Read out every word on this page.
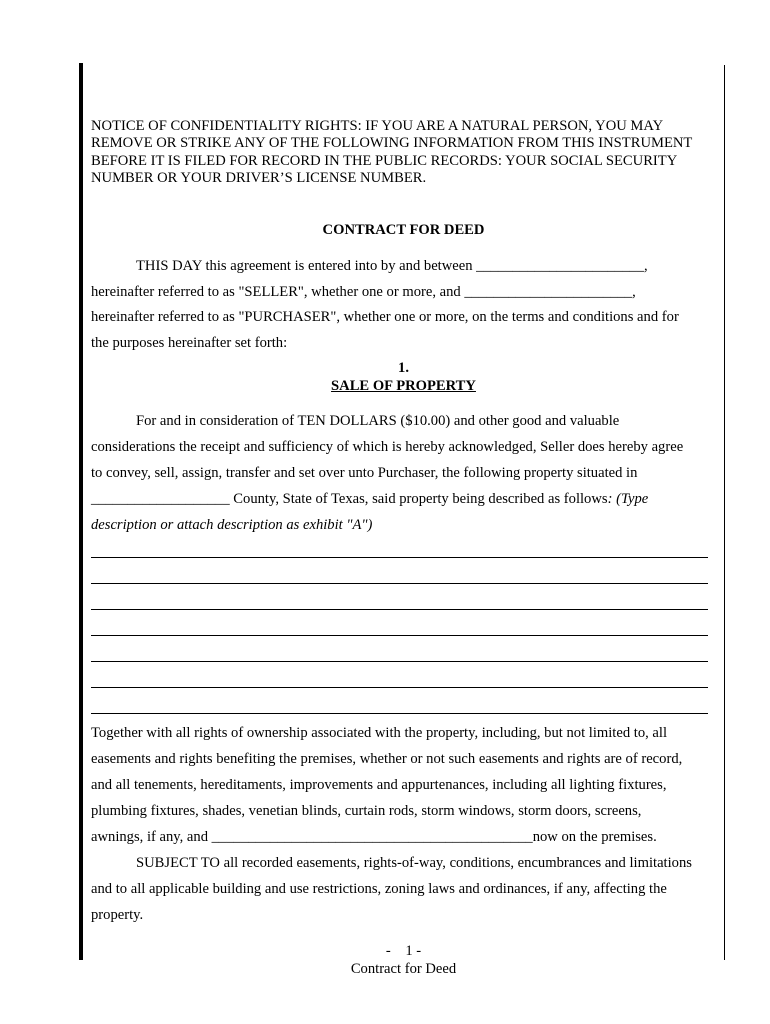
NOTICE OF CONFIDENTIALITY RIGHTS: IF YOU ARE A NATURAL PERSON, YOU MAY REMOVE OR STRIKE ANY OF THE FOLLOWING INFORMATION FROM THIS INSTRUMENT BEFORE IT IS FILED FOR RECORD IN THE PUBLIC RECORDS: YOUR SOCIAL SECURITY NUMBER OR YOUR DRIVER’S LICENSE NUMBER.
CONTRACT FOR DEED
THIS DAY this agreement is entered into by and between _______________________,
hereinafter referred to as "SELLER", whether one or more, and _______________________,
hereinafter referred to as "PURCHASER", whether one or more, on the terms and conditions and for
the purposes hereinafter set forth:
1.
SALE OF PROPERTY
For and in consideration of TEN DOLLARS ($10.00) and other good and valuable
considerations the receipt and sufficiency of which is hereby acknowledged, Seller does hereby agree
to convey, sell, assign, transfer and set over unto Purchaser, the following property situated in
___________________ County, State of Texas, said property being described as follows: (Type
description or attach description as exhibit "A")
Together with all rights of ownership associated with the property, including, but not limited to, all
easements and rights benefiting the premises, whether or not such easements and rights are of record,
and all tenements, hereditaments, improvements and appurtenances, including all lighting fixtures,
plumbing fixtures, shades, venetian blinds, curtain rods, storm windows, storm doors, screens,
awnings, if any, and ____________________________________________now on the premises.
SUBJECT TO all recorded easements, rights-of-way, conditions, encumbrances and limitations
and to all applicable building and use restrictions, zoning laws and ordinances, if any, affecting the
property.
-    1 -
Contract for Deed
